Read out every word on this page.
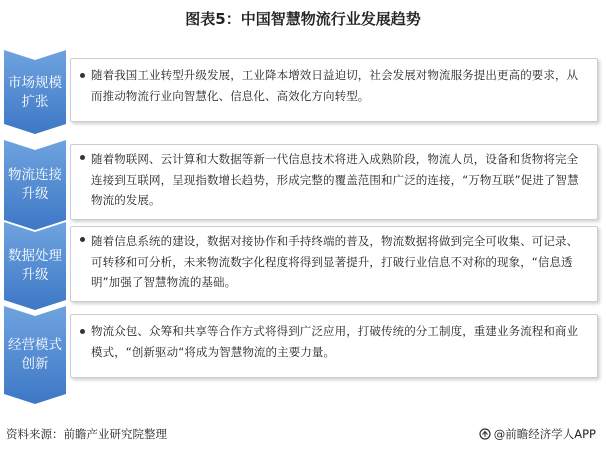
图表5：中国智慧物流行业发展趋势
市场规模
扩张
随着我国工业转型升级发展，工业降本增效日益迫切，社会发展对物流服务提出更高的要求，从而推动物流行业向智慧化、信息化、高效化方向转型。
物流连接
升级
随着物联网、云计算和大数据等新一代信息技术将进入成熟阶段，物流人员，设备和货物将完全连接到互联网，呈现指数增长趋势，形成完整的覆盖范围和广泛的连接，“万物互联”促进了智慧物流的发展。
数据处理
升级
随着信息系统的建设，数据对接协作和手持终端的普及，物流数据将做到完全可收集、可记录、可转移和可分析，未来物流数字化程度将得到显著提升，打破行业信息不对称的现象，“信息透明”加强了智慧物流的基础。
经营模式
创新
物流众包、众筹和共享等合作方式将得到广泛应用，打破传统的分工制度，重建业务流程和商业模式，“创新驱动“将成为智慧物流的主要力量。
资料来源：前瞻产业研究院整理	@前瞻经济学人APP
